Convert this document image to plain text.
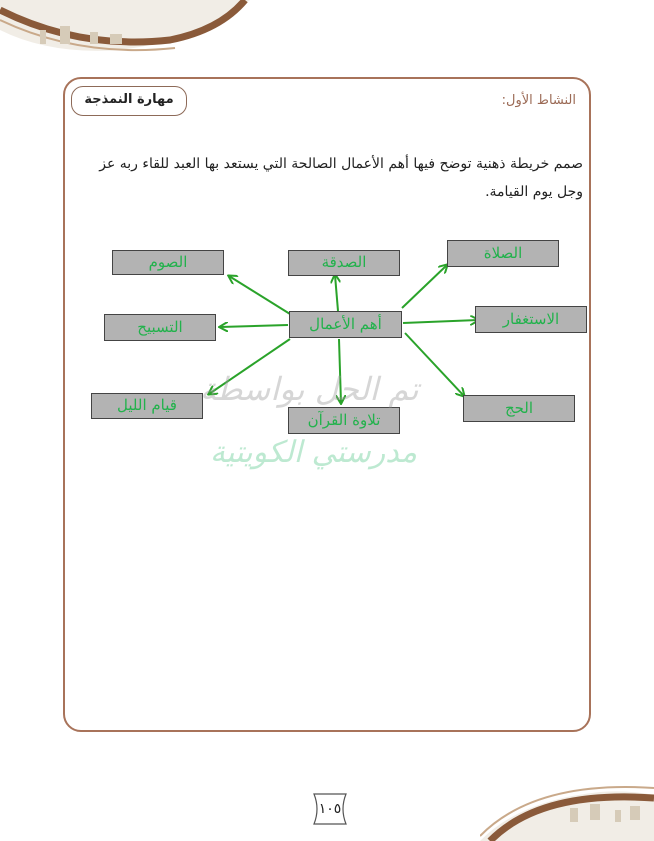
النشاط الأول:
مهارة النمذجة
صمم خريطة ذهنية توضح فيها أهم الأعمال الصالحة التي يستعد بها العبد للقاء ربه عز وجل يوم القيامة.
أهم الأعمال
الصوم	الصدقة	الصلاة
التسبيح	الاستغفار
قيام الليل
تلاوة القرآن
الحج
تم الحل بواسطة
مدرستي الكويتية
١٠٥
